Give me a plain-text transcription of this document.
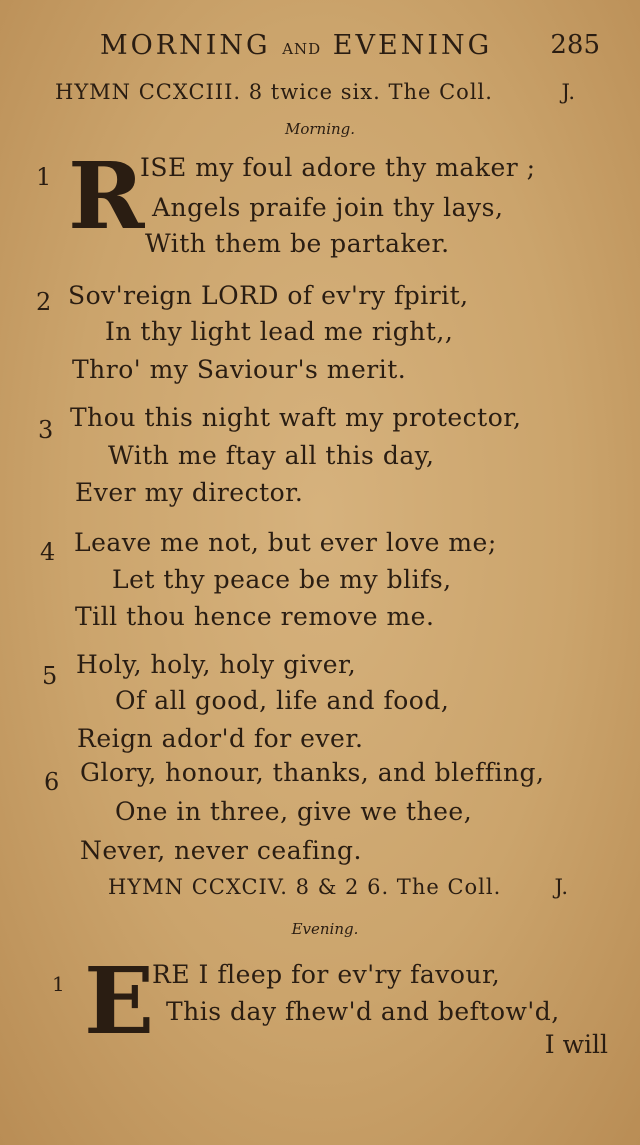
MORNING AND EVENING 285
HYMN CCXCIII. 8 twice six. The Coll.	J.
Morning.
1 R
ISE my foul adore thy maker ;
Angels praife join thy lays,
With them be partaker.
2 Sov'reign LORD of ev'ry fpirit,
In thy light lead me right,,
Thro' my Saviour's merit.
3 Thou this night waft my protector,
With me ftay all this day,
Ever my director.
4 Leave me not, but ever love me;
Let thy peace be my blifs,
Till thou hence remove me.
5 Holy, holy, holy giver,
Of all good, life and food,
Reign ador'd for ever.
6 Glory, honour, thanks, and bleffing,
One in three, give we thee,
Never, never ceafing.
HYMN CCXCIV. 8 & 2 6. The Coll.	J.
Evening.
1 E
RE I fleep for ev'ry favour,
This day fhew'd and beftow'd,
I will
